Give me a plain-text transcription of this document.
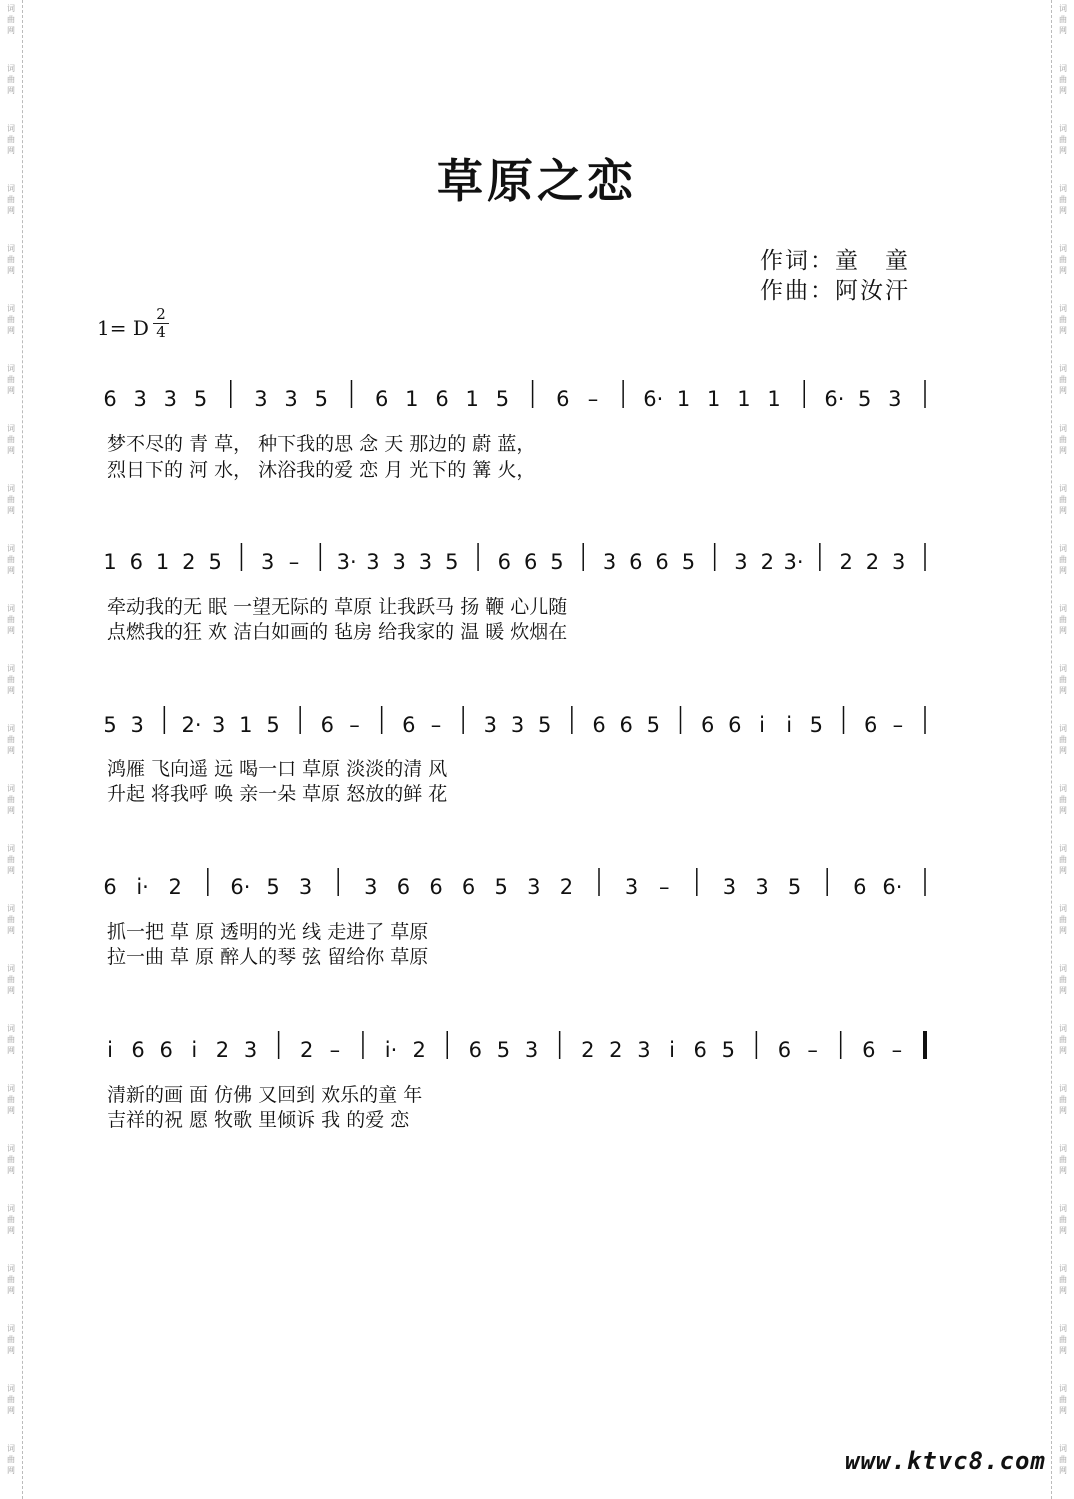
词
曲
网
词
曲
网
词
曲
网
词
曲
网
词
曲
网
词
曲
网
词
曲
网
词
曲
网
词
曲
网
词
曲
网
词
曲
网
词
曲
网
词
曲
网
词
曲
网
词
曲
网
词
曲
网
词
曲
网
词
曲
网
词
曲
网
词
曲
网
词
曲
网
词
曲
网
词
曲
网
词
曲
网
词
曲
网
词
曲
网
词
曲
网
词
曲
网
词
曲
网
词
曲
网
词
曲
网
词
曲
网
词
曲
网
词
曲
网
词
曲
网
词
曲
网
词
曲
网
词
曲
网
词
曲
网
词
曲
网
词
曲
网
词
曲
网
词
曲
网
词
曲
网
词
曲
网
词
曲
网
词
曲
网
词
曲
网
词
曲
网
词
曲
网
草原之恋
作词：童　童
作曲：阿汝汗
1= D
2
4
6 3 3 5 3 3 5 6 1 6 1 5 6 – 6· 1 1 1 1 6· 5 3
1 6 1 2 5 3 – 3· 3 3 3 5 6 6 5 3 6 6 5 3 2 3· 2 2 3
5 3 2· 3 1 5 6 – 6 – 3 3 5 6 6 5 6 6 i i 5 6 –
6 i· 2 6· 5 3 3 6 6 6 5 3 2 3 –	3 3 5 6 6·
i 6 6 i 2 3 2 – i· 2 6 5 3 2 2 3 i 6 5 6 – 6 –
梦不尽的 青 草， 种下我的思 念 天 那边的 蔚 蓝，
烈日下的 河 水， 沐浴我的爱 恋 月 光下的 篝 火，
牵动我的无 眠 一望无际的 草原 让我跃马 扬 鞭 心儿随
点燃我的狂 欢 洁白如画的 毡房 给我家的 温 暖 炊烟在
鸿雁 飞向遥 远 喝一口 草原 淡淡的清 风
升起 将我呼 唤 亲一朵 草原 怒放的鲜 花
抓一把 草 原 透明的光 线 走进了 草原
拉一曲 草 原 醉人的琴 弦 留给你 草原
清新的画 面 仿佛 又回到 欢乐的童 年
吉祥的祝 愿 牧歌 里倾诉 我 的爱 恋
www.ktvc8.com
